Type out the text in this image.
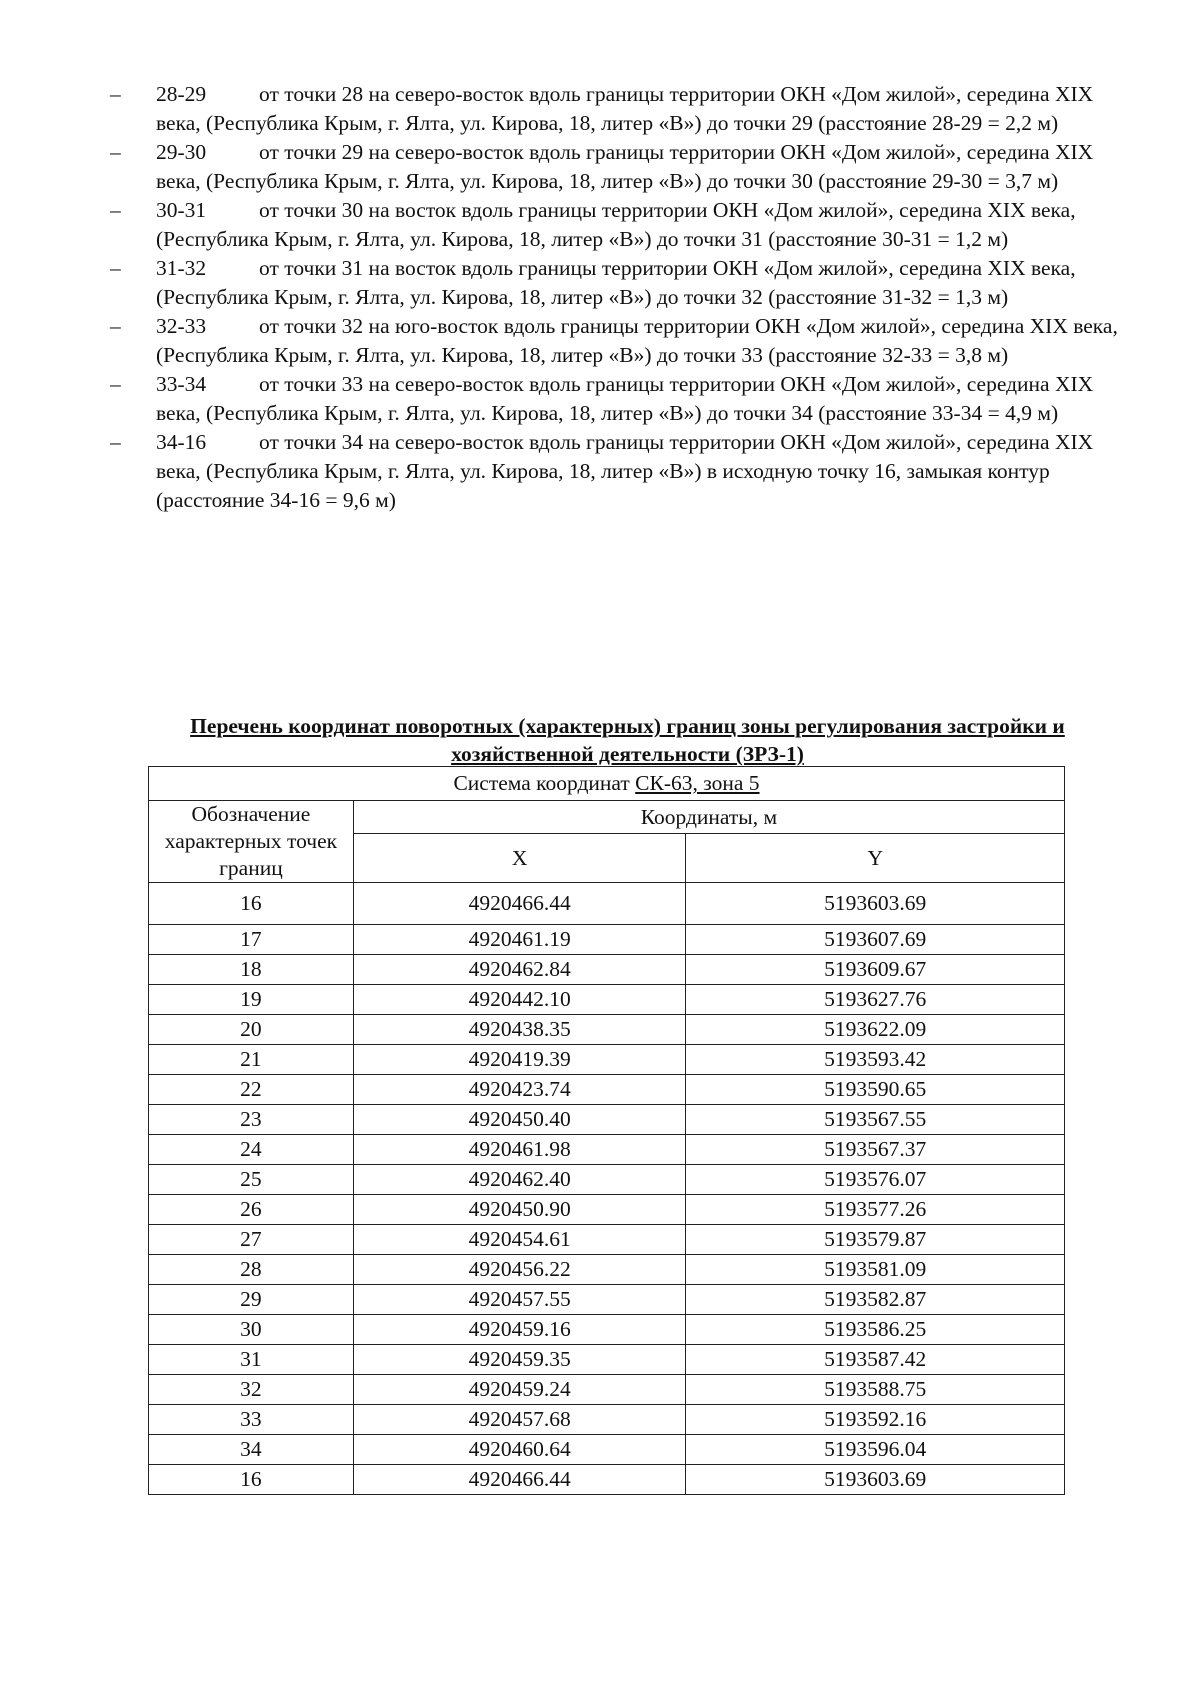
–	28-29 от точки 28 на северо-восток вдоль границы территории ОКН «Дом жилой», середина XIX века, (Республика Крым, г. Ялта, ул. Кирова, 18, литер «В») до точки 29 (расстояние 28-29 = 2,2 м)
–	29-30 от точки 29 на северо-восток вдоль границы территории ОКН «Дом жилой», середина XIX века, (Республика Крым, г. Ялта, ул. Кирова, 18, литер «В») до точки 30 (расстояние 29-30 = 3,7 м)
–	30-31 от точки 30 на восток вдоль границы территории ОКН «Дом жилой», середина XIX века, (Республика Крым, г. Ялта, ул. Кирова, 18, литер «В») до точки 31 (расстояние 30-31 = 1,2 м)
–	31-32 от точки 31 на восток вдоль границы территории ОКН «Дом жилой», середина XIX века, (Республика Крым, г. Ялта, ул. Кирова, 18, литер «В») до точки 32 (расстояние 31-32 = 1,3 м)
–	32-33 от точки 32 на юго-восток вдоль границы территории ОКН «Дом жилой», середина XIX века, (Республика Крым, г. Ялта, ул. Кирова, 18, литер «В») до точки 33 (расстояние 32-33 = 3,8 м)
–	33-34 от точки 33 на северо-восток вдоль границы территории ОКН «Дом жилой», середина XIX века, (Республика Крым, г. Ялта, ул. Кирова, 18, литер «В») до точки 34 (расстояние 33-34 = 4,9 м)
–	34-16 от точки 34 на северо-восток вдоль границы территории ОКН «Дом жилой», середина XIX века, (Республика Крым, г. Ялта, ул. Кирова, 18, литер «В») в исходную точку 16, замыкая контур (расстояние 34-16 = 9,6 м)
Перечень координат поворотных (характерных) границ зоны регулирования застройки и хозяйственной деятельности (ЗРЗ-1)
Система координат СК-63, зона 5		
Обозначение характерных точек границ	Координаты, м	
	X	Y
16	4920466.44	5193603.69
17	4920461.19	5193607.69
18	4920462.84	5193609.67
19	4920442.10	5193627.76
20	4920438.35	5193622.09
21	4920419.39	5193593.42
22	4920423.74	5193590.65
23	4920450.40	5193567.55
24	4920461.98	5193567.37
25	4920462.40	5193576.07
26	4920450.90	5193577.26
27	4920454.61	5193579.87
28	4920456.22	5193581.09
29	4920457.55	5193582.87
30	4920459.16	5193586.25
31	4920459.35	5193587.42
32	4920459.24	5193588.75
33	4920457.68	5193592.16
34	4920460.64	5193596.04
16	4920466.44	5193603.69
